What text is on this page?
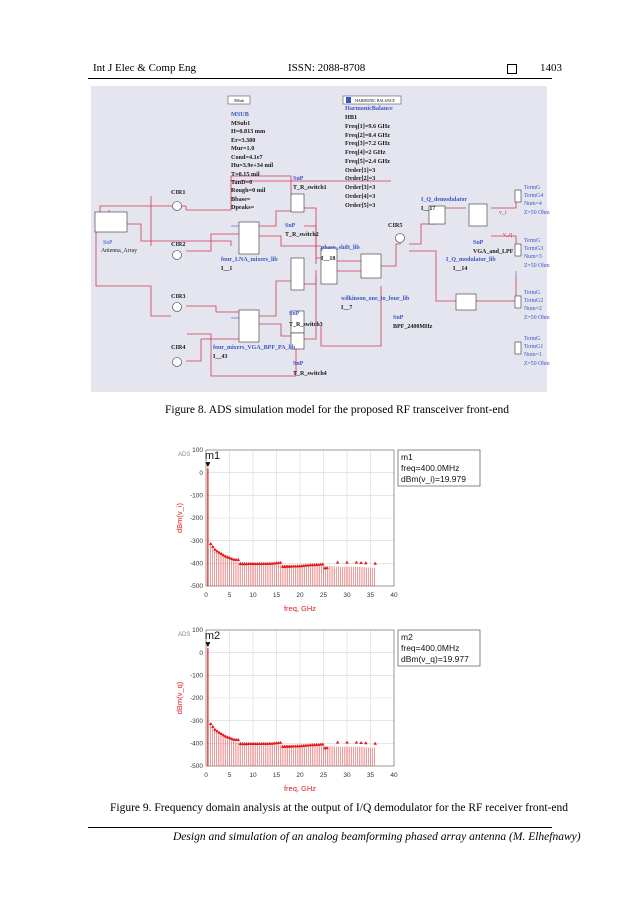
Int J Elec & Comp Eng	ISSN: 2088-8708	1403
MSub
MSUB
MSub1
H=0.813 mm
Er=3.380
Mur=1.0
Cond=4.1e7
Hu=3.9e+34 mil
T=0.15 mil
TanD=0
Rough=0 mil
Bbase=
Dpeaks=
HARMONIC BALANCE
HarmonicBalance
HB1
Freq[1]=9.6 GHz
Freq[2]=0.4 GHz
Freq[3]=7.2 GHz
Freq[4]=2 GHz
Freq[5]=2.4 GHz
Order[1]=3
Order[2]=3
Order[3]=3
Order[4]=3
Order[5]=3
CIR1
CIR2
CIR3
CIR4
CIR5
SnP
Antenna_Array
SnP
T_R_switch1
SnP
T_R_switch2
SnP
T_R_switch3
SnP
T_R_switch4
four_LNA_mixers_lib
I__1
four_mixers_VGA_BPF_PA_lib
I__43
phase_shift_lib
I__18
wilkinson_one_to_four_lib
I__7
I_Q_demodulator
I__17
SnP
VGA_and_LPF
v_i
v_q
I_Q_modulator_lib
I__14
SnP
BPF_2400MHz
TermG
TermG4
Num=4
Z=50 Ohm
TermG
TermG3
Num=3
Z=50 Ohm
TermG
TermG2
Num=2
Z=50 Ohm
TermG
TermG1
Num=1
Z=50 Ohm
Figure 8. ADS simulation model for the proposed RF transceiver front-end
0	5	10	15	20	25	30	35	40
100
0
-100
-200
-300
-400
-500
ADS
freq, GHz
dBm(v_i)
m1	m1
freq=400.0MHz
dBm(v_i)=19.979
0	5	10	15	20	25	30	35	40
100
0
-100
-200
-300
-400
-500
ADS
freq, GHz
dBm(v_q)
m2	m2
freq=400.0MHz
dBm(v_q)=19.977
Figure 9. Frequency domain analysis at the output of I/Q demodulator for the RF receiver front-end
Design and simulation of an analog beamforming phased array antenna (M. Elhefnawy)
